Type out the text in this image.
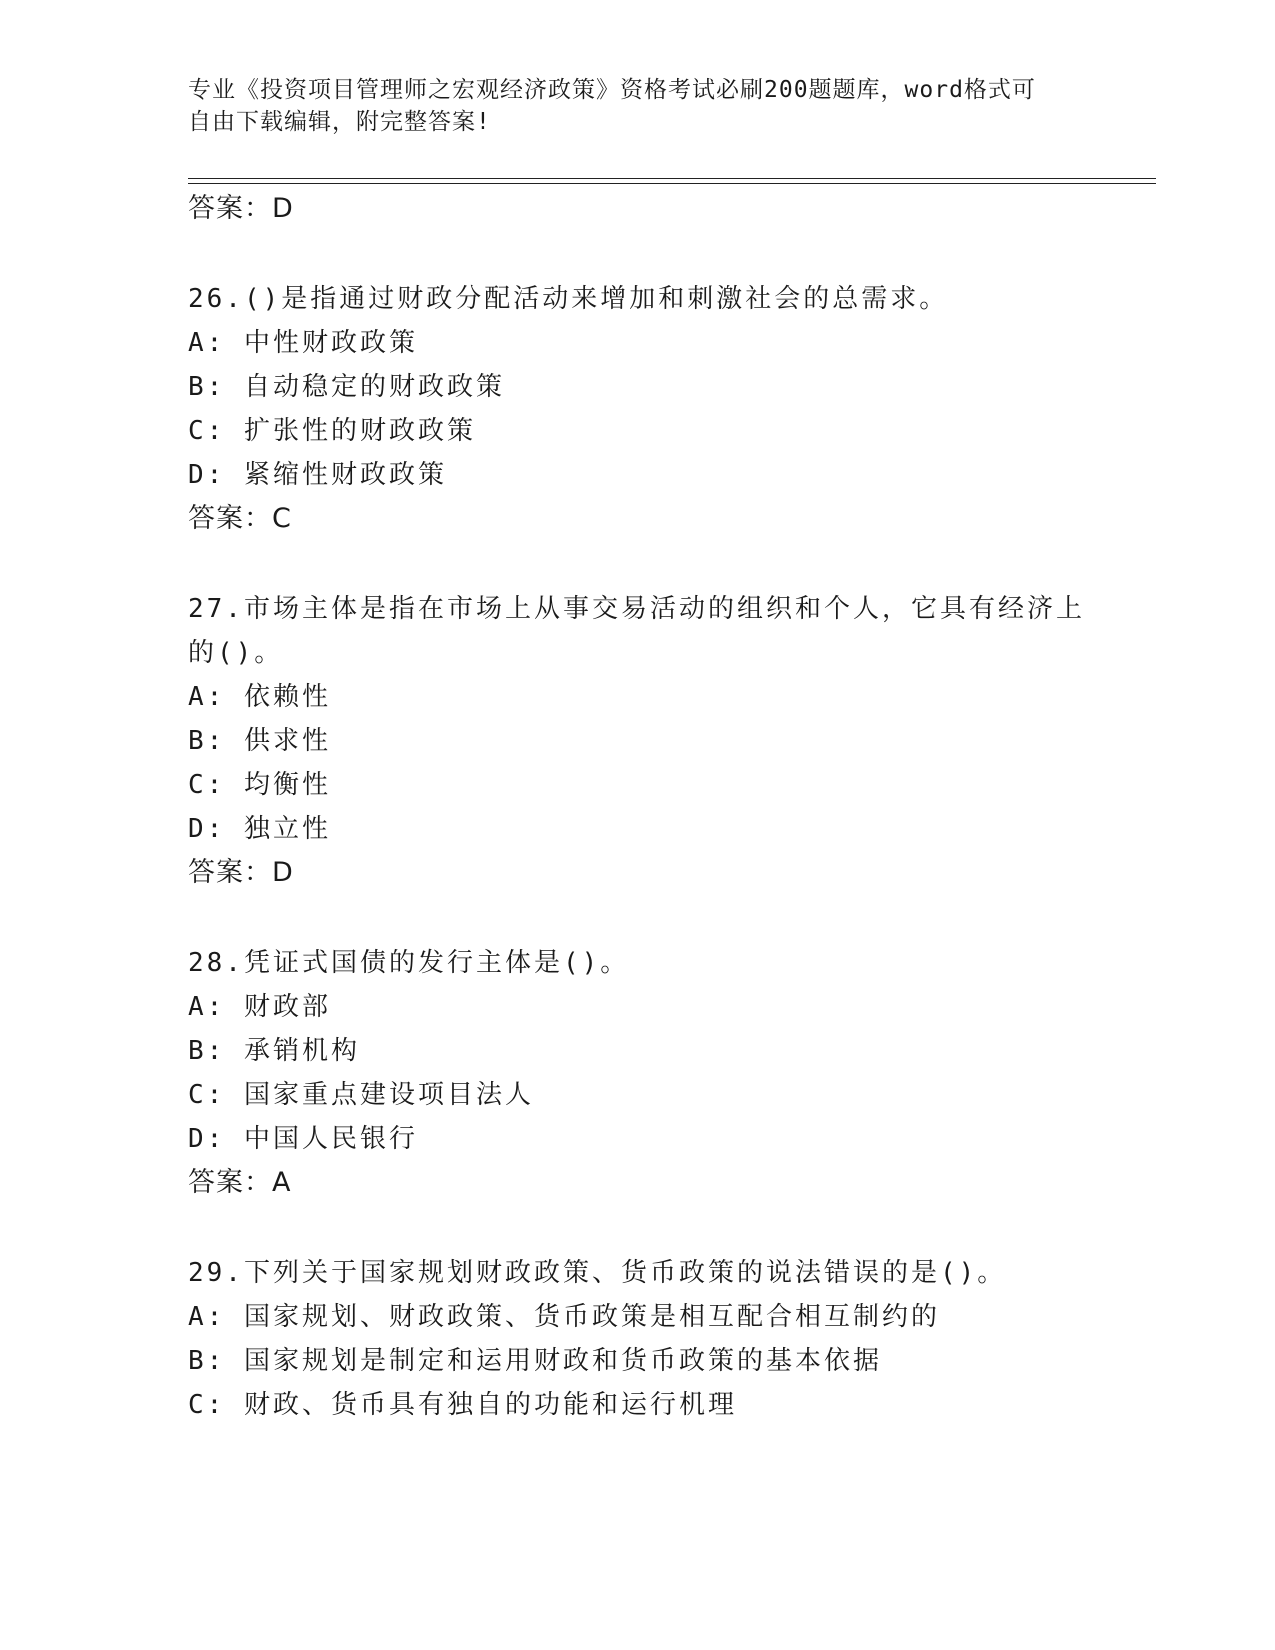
专业《投资项目管理师之宏观经济政策》资格考试必刷200题题库，word格式可
自由下载编辑，附完整答案!
答案：D
26.()是指通过财政分配活动来增加和刺激社会的总需求。
A: 中性财政政策
B: 自动稳定的财政政策
C: 扩张性的财政政策
D: 紧缩性财政政策
答案：C
27.市场主体是指在市场上从事交易活动的组织和个人，它具有经济上
的()。
A: 依赖性
B: 供求性
C: 均衡性
D: 独立性
答案：D
28.凭证式国债的发行主体是()。
A: 财政部
B: 承销机构
C: 国家重点建设项目法人
D: 中国人民银行
答案：A
29.下列关于国家规划财政政策、货币政策的说法错误的是()。
A: 国家规划、财政政策、货币政策是相互配合相互制约的
B: 国家规划是制定和运用财政和货币政策的基本依据
C: 财政、货币具有独自的功能和运行机理
